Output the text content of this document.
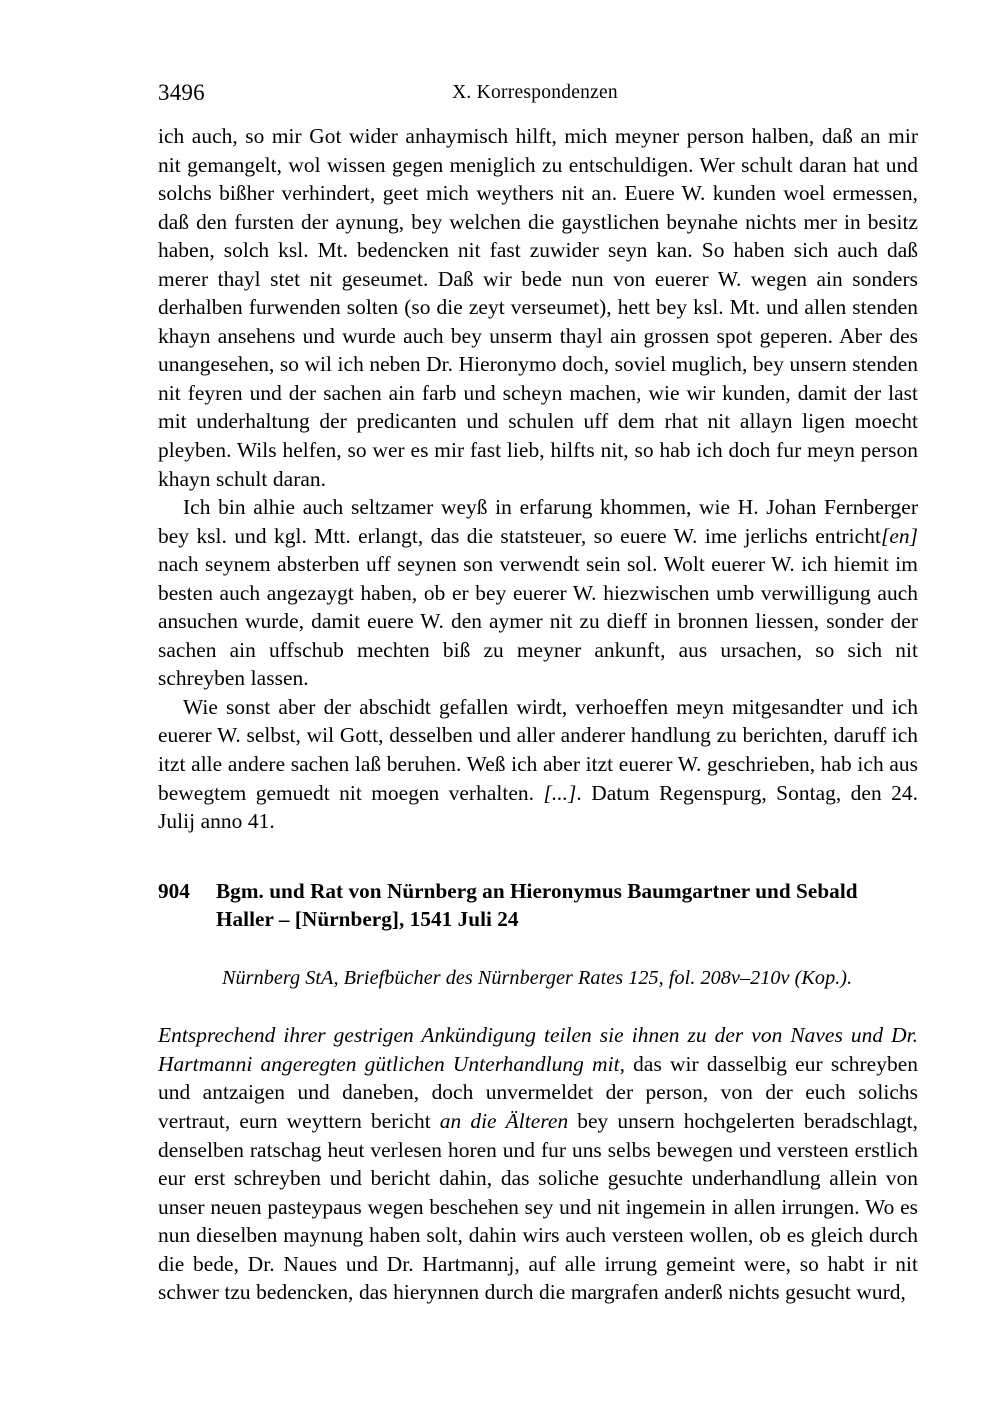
3496	X. Korrespondenzen

ich auch, so mir Got wider anhaymisch hilft, mich meyner person halben, daß an mir nit gemangelt, wol wissen gegen meniglich zu entschuldigen. Wer schult daran hat und solchs bißher verhindert, geet mich weythers nit an. Euere W. kunden woel ermessen, daß den fursten der aynung, bey welchen die gaystlichen beynahe nichts mer in besitz haben, solch ksl. Mt. bedencken nit fast zuwider seyn kan. So haben sich auch daß merer thayl stet nit geseumet. Daß wir bede nun von euerer W. wegen ain sonders derhalben furwenden solten (so die zeyt verseumet), hett bey ksl. Mt. und allen stenden khayn ansehens und wurde auch bey unserm thayl ain grossen spot geperen. Aber des unangesehen, so wil ich neben Dr. Hieronymo doch, soviel muglich, bey unsern stenden nit feyren und der sachen ain farb und scheyn machen, wie wir kunden, damit der last mit underhaltung der predicanten und schulen uff dem rhat nit allayn ligen moecht pleyben. Wils helfen, so wer es mir fast lieb, hilfts nit, so hab ich doch fur meyn person khayn schult daran.

Ich bin alhie auch seltzamer weyß in erfarung khommen, wie H. Johan Fernberger bey ksl. und kgl. Mtt. erlangt, das die statsteuer, so euere W. ime jerlichs entricht[en] nach seynem absterben uff seynen son verwendt sein sol. Wolt euerer W. ich hiemit im besten auch angezaygt haben, ob er bey euerer W. hiezwischen umb verwilligung auch ansuchen wurde, damit euere W. den aymer nit zu dieff in bronnen liessen, sonder der sachen ain uffschub mechten biß zu meyner ankunft, aus ursachen, so sich nit schreyben lassen.

Wie sonst aber der abschidt gefallen wirdt, verhoeffen meyn mitgesandter und ich euerer W. selbst, wil Gott, desselben und aller anderer handlung zu berichten, daruff ich itzt alle andere sachen laß beruhen. Weß ich aber itzt euerer W. geschrieben, hab ich aus bewegtem gemuedt nit moegen verhalten. [...]. Datum Regenspurg, Sontag, den 24. Julij anno 41.

904 Bgm. und Rat von Nürnberg an Hieronymus Baumgartner und Sebald Haller – [Nürnberg], 1541 Juli 24

Nürnberg StA, Briefbücher des Nürnberger Rates 125, fol. 208v–210v (Kop.).

Entsprechend ihrer gestrigen Ankündigung teilen sie ihnen zu der von Naves und Dr. Hartmanni angeregten gütlichen Unterhandlung mit, das wir dasselbig eur schreyben und antzaigen und daneben, doch unvermeldet der person, von der euch solichs vertraut, eurn weyttern bericht an die Älteren bey unsern hochgelerten beradschlagt, denselben ratschag heut verlesen horen und fur uns selbs bewegen und versteen erstlich eur erst schreyben und bericht dahin, das soliche gesuchte underhandlung allein von unser neuen pasteypaus wegen beschehen sey und nit ingemein in allen irrungen. Wo es nun dieselben maynung haben solt, dahin wirs auch versteen wollen, ob es gleich durch die bede, Dr. Naues und Dr. Hartmannj, auf alle irrung gemeint were, so habt ir nit schwer tzu bedencken, das hierynnen durch die margrafen anderß nichts gesucht wurd,
